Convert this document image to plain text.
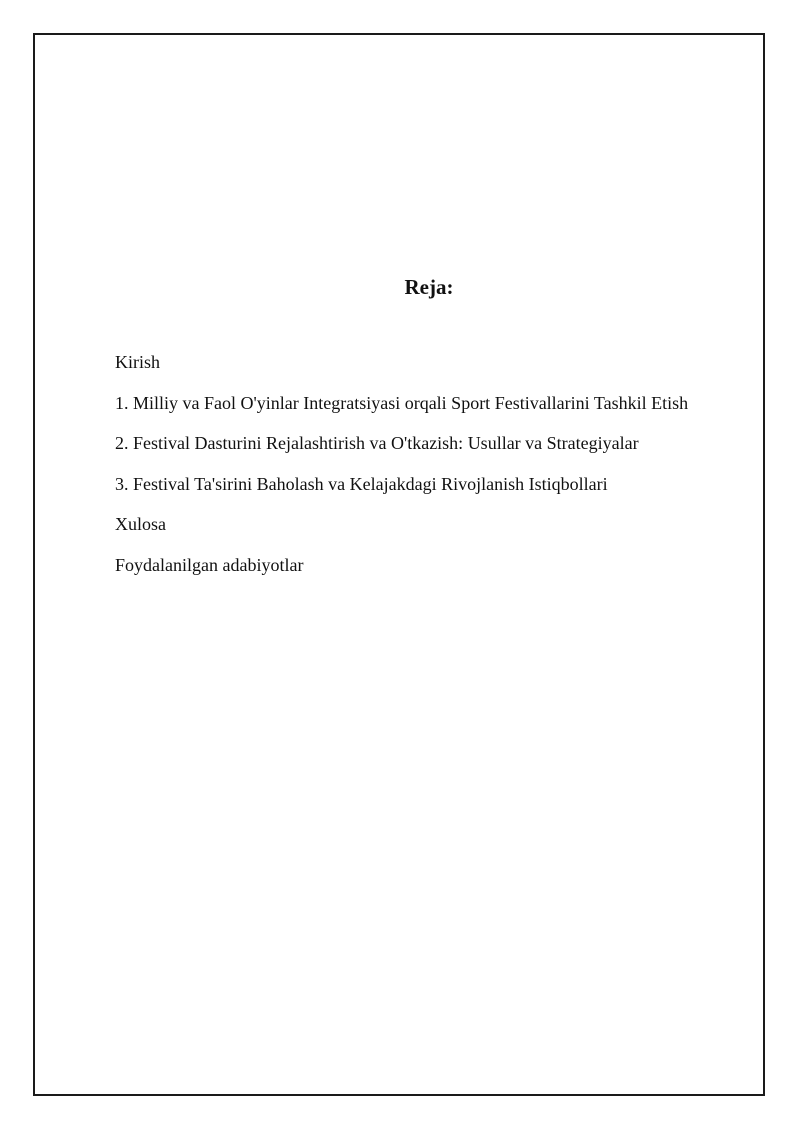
Reja:
Kirish
1. Milliy va Faol O'yinlar Integratsiyasi orqali Sport Festivallarini Tashkil Etish
2. Festival Dasturini Rejalashtirish va O'tkazish: Usullar va Strategiyalar
3. Festival Ta'sirini Baholash va Kelajakdagi Rivojlanish Istiqbollari
Xulosa
Foydalanilgan adabiyotlar
